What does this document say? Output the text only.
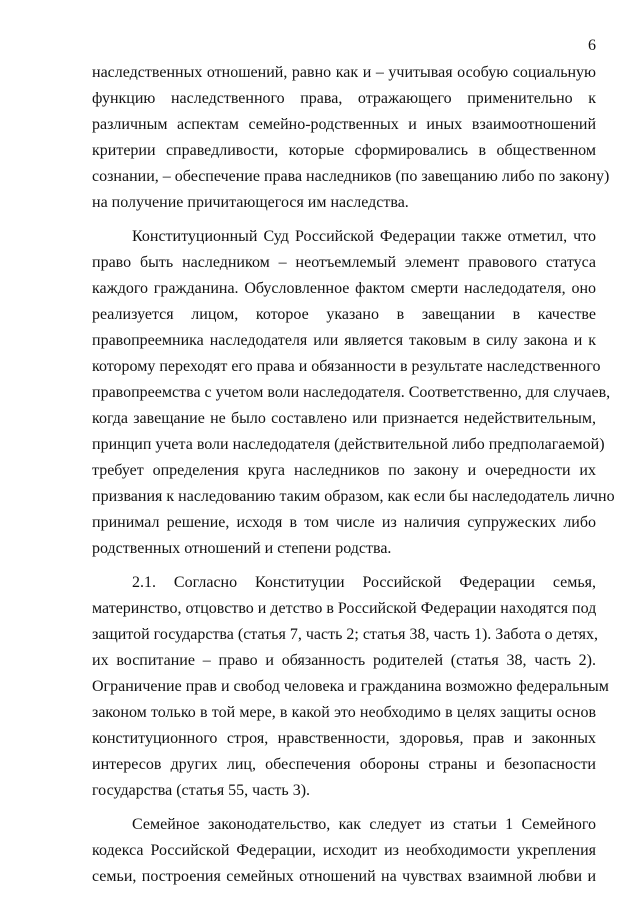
6

наследственных отношений, равно как и – учитывая особую социальную
функцию наследственного права, отражающего применительно к
различным аспектам семейно-родственных и иных взаимоотношений
критерии справедливости, которые сформировались в общественном
сознании, – обеспечение права наследников (по завещанию либо по закону)
на получение причитающегося им наследства.

Конституционный Суд Российской Федерации также отметил, что
право быть наследником – неотъемлемый элемент правового статуса
каждого гражданина. Обусловленное фактом смерти наследодателя, оно
реализуется лицом, которое указано в завещании в качестве
правопреемника наследодателя или является таковым в силу закона и к
которому переходят его права и обязанности в результате наследственного
правопреемства с учетом воли наследодателя. Соответственно, для случаев,
когда завещание не было составлено или признается недействительным,
принцип учета воли наследодателя (действительной либо предполагаемой)
требует определения круга наследников по закону и очередности их
призвания к наследованию таким образом, как если бы наследодатель лично
принимал решение, исходя в том числе из наличия супружеских либо
родственных отношений и степени родства.

2.1. Согласно Конституции Российской Федерации семья,
материнство, отцовство и детство в Российской Федерации находятся под
защитой государства (статья 7, часть 2; статья 38, часть 1). Забота о детях,
их воспитание – право и обязанность родителей (статья 38, часть 2).
Ограничение прав и свобод человека и гражданина возможно федеральным
законом только в той мере, в какой это необходимо в целях защиты основ
конституционного строя, нравственности, здоровья, прав и законных
интересов других лиц, обеспечения обороны страны и безопасности
государства (статья 55, часть 3).

Семейное законодательство, как следует из статьи 1 Семейного
кодекса Российской Федерации, исходит из необходимости укрепления
семьи, построения семейных отношений на чувствах взаимной любви и
